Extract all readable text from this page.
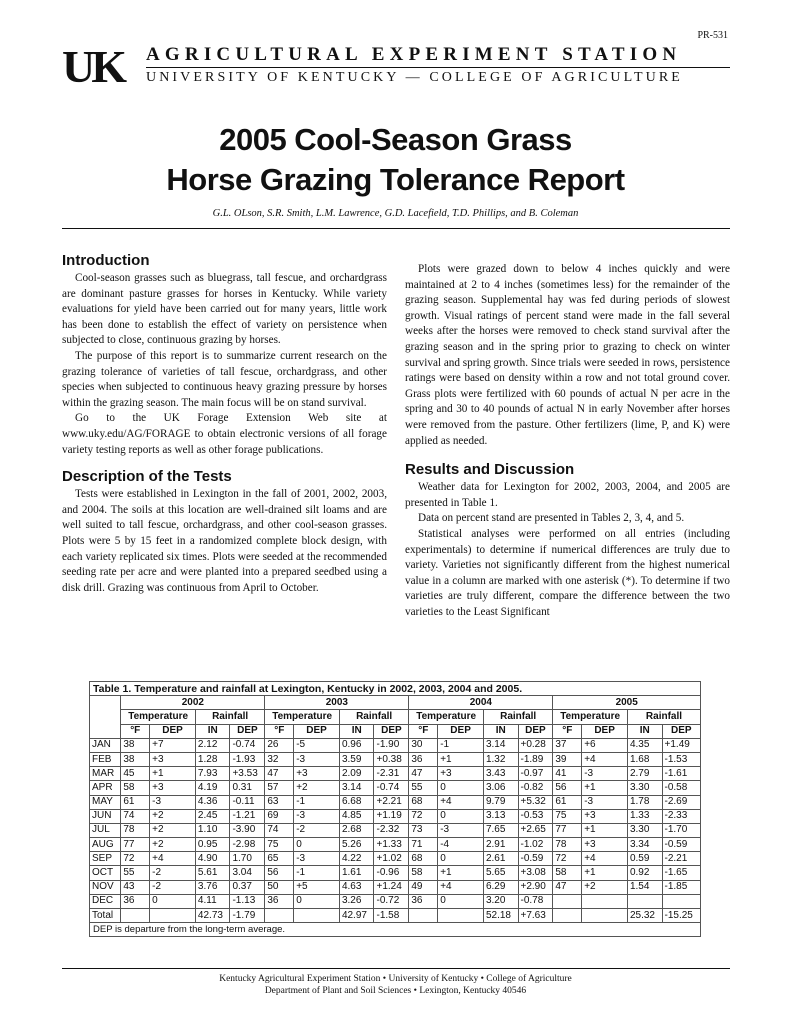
PR-531
UK	AGRICULTURAL EXPERIMENT STATION
UNIVERSITY OF KENTUCKY — COLLEGE OF AGRICULTURE
2005 Cool-Season Grass
Horse Grazing Tolerance Report
G.L. OLson, S.R. Smith, L.M. Lawrence, G.D. Lacefield, T.D. Phillips, and B. Coleman
Introduction

Cool-season grasses such as bluegrass, tall fescue, and orchardgrass are dominant pasture grasses for horses in Kentucky. While variety evaluations for yield have been carried out for many years, little work has been done to establish the effect of variety on persistence when subjected to close, continuous grazing by horses.

The purpose of this report is to summarize current research on the grazing tolerance of varieties of tall fescue, orchardgrass, and other species when subjected to continuous heavy grazing pressure by horses within the grazing season. The main focus will be on stand survival.

Go to the UK Forage Extension Web site at www.uky.edu/AG/FORAGE to obtain electronic versions of all forage variety testing reports as well as other forage publications.

Description of the Tests

Tests were established in Lexington in the fall of 2001, 2002, 2003, and 2004. The soils at this location are well-drained silt loams and are well suited to tall fescue, orchardgrass, and other cool-season grasses. Plots were 5 by 15 feet in a randomized complete block design, with each variety replicated six times. Plots were seeded at the recommended seeding rate per acre and were planted into a prepared seedbed using a disk drill. Grazing was continuous from April to October.

Plots were grazed down to below 4 inches quickly and were maintained at 2 to 4 inches (sometimes less) for the remainder of the grazing season. Supplemental hay was fed during periods of slowest growth. Visual ratings of percent stand were made in the fall several weeks after the horses were removed to check stand survival after the grazing season and in the spring prior to grazing to check on winter survival and spring growth. Since trials were seeded in rows, persistence ratings were based on density within a row and not total ground cover. Grass plots were fertilized with 60 pounds of actual N per acre in the spring and 30 to 40 pounds of actual N in early November after horses were removed from the pasture. Other fertilizers (lime, P, and K) were applied as needed.

Results and Discussion

Weather data for Lexington for 2002, 2003, 2004, and 2005 are presented in Table 1.

Data on percent stand are presented in Tables 2, 3, 4, and 5.

Statistical analyses were performed on all entries (including experimentals) to determine if numerical differences are truly due to variety. Varieties not significantly different from the highest numerical value in a column are marked with one asterisk (*). To determine if two varieties are truly different, compare the difference between the two varieties to the Least Significant

Table 1. Temperature and rainfall at Lexington, Kentucky in 2002, 2003, 2004 and 2005.																
	2002				2003				2004				2005			
	Temperature		Rainfall		Temperature		Rainfall		Temperature		Rainfall		Temperature		Rainfall	
	°F	DEP	IN	DEP	°F	DEP	IN	DEP	°F	DEP	IN	DEP	°F	DEP	IN	DEP
JAN	38	+7	2.12	-0.74	26	-5	0.96	-1.90	30	-1	3.14	+0.28	37	+6	4.35	+1.49
FEB	38	+3	1.28	-1.93	32	-3	3.59	+0.38	36	+1	1.32	-1.89	39	+4	1.68	-1.53
MAR	45	+1	7.93	+3.53	47	+3	2.09	-2.31	47	+3	3.43	-0.97	41	-3	2.79	-1.61
APR	58	+3	4.19	0.31	57	+2	3.14	-0.74	55	0	3.06	-0.82	56	+1	3.30	-0.58
MAY	61	-3	4.36	-0.11	63	-1	6.68	+2.21	68	+4	9.79	+5.32	61	-3	1.78	-2.69
JUN	74	+2	2.45	-1.21	69	-3	4.85	+1.19	72	0	3.13	-0.53	75	+3	1.33	-2.33
JUL	78	+2	1.10	-3.90	74	-2	2.68	-2.32	73	-3	7.65	+2.65	77	+1	3.30	-1.70
AUG	77	+2	0.95	-2.98	75	0	5.26	+1.33	71	-4	2.91	-1.02	78	+3	3.34	-0.59
SEP	72	+4	4.90	1.70	65	-3	4.22	+1.02	68	0	2.61	-0.59	72	+4	0.59	-2.21
OCT	55	-2	5.61	3.04	56	-1	1.61	-0.96	58	+1	5.65	+3.08	58	+1	0.92	-1.65
NOV	43	-2	3.76	0.37	50	+5	4.63	+1.24	49	+4	6.29	+2.90	47	+2	1.54	-1.85
DEC	36	0	4.11	-1.13	36	0	3.26	-0.72	36	0	3.20	-0.78				
Total			42.73	-1.79			42.97	-1.58			52.18	+7.63			25.32	-15.25
DEP is departure from the long-term average.																
Kentucky Agricultural Experiment Station • University of Kentucky • College of Agriculture
Department of Plant and Soil Sciences • Lexington, Kentucky 40546
